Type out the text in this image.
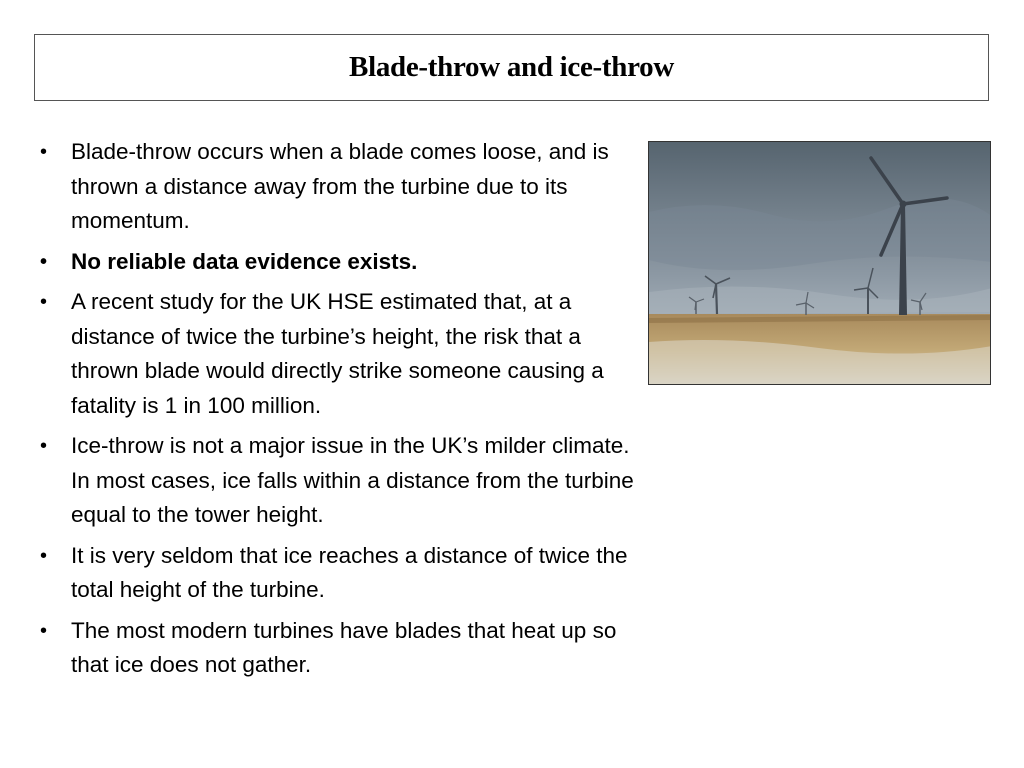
Blade-throw and ice-throw
• Blade-throw occurs when a blade comes loose, and is thrown a distance away from the turbine due to its momentum.
• No reliable data evidence exists.
• A recent study for the UK HSE estimated that, at a distance of twice the turbine’s height, the risk that a thrown blade would directly strike someone causing a fatality is 1 in 100 million.
• Ice-throw is not a major issue in the UK’s milder climate. In most cases, ice falls within a distance from the turbine equal to the tower height.
• It is very seldom that ice reaches a distance of twice the total height of the turbine.
• The most modern turbines have blades that heat up so that ice does not gather.
